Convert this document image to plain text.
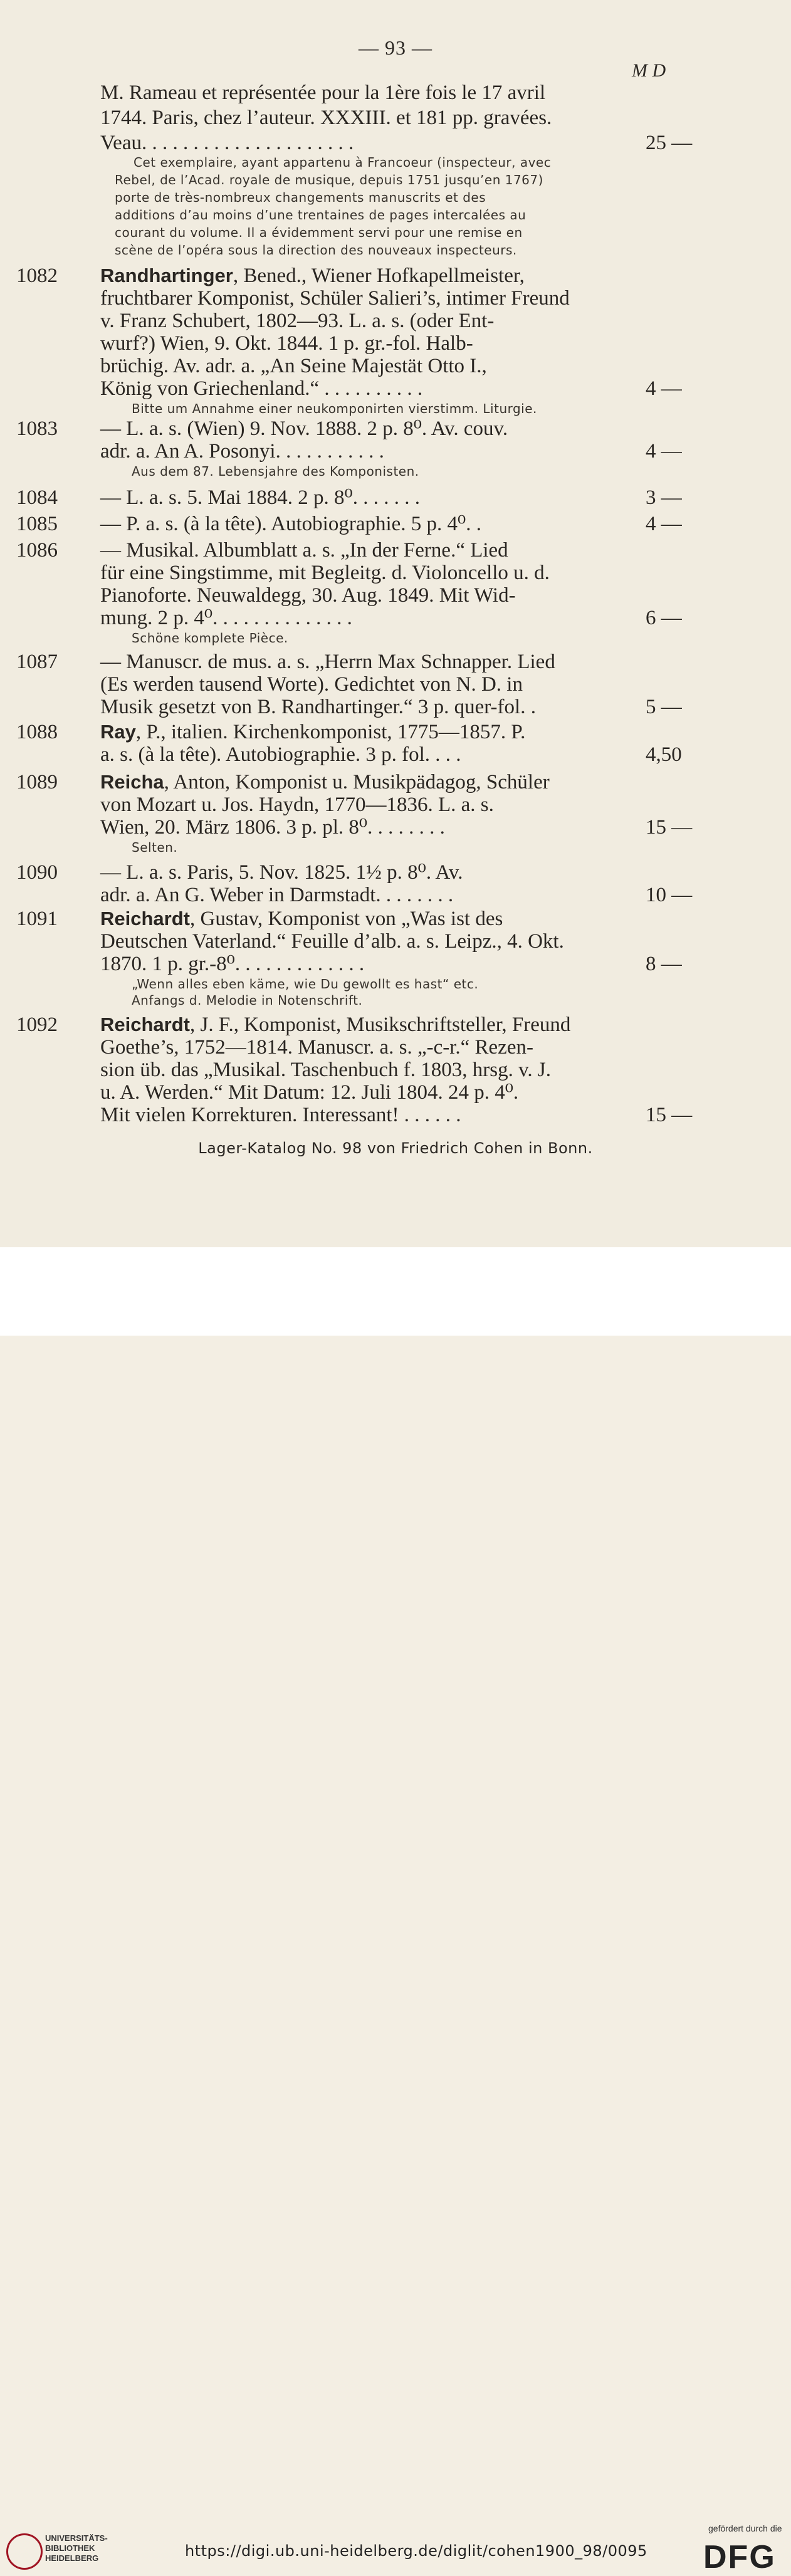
— 93 —
M D
M. Rameau et représentée pour la 1ère fois le 17 avril
1744. Paris, chez l’auteur. XXXIII. et 181 pp. gravées.
Veau. . . . . . . . . . . . . . . . . . . . .	25 —
Cet exemplaire, ayant appartenu à Francoeur (inspecteur, avec
Rebel, de l’Acad. royale de musique, depuis 1751 jusqu’en 1767)
porte de très-nombreux changements manuscrits et des
additions d’au moins d’une trentaines de pages intercalées au
courant du volume. Il a évidemment servi pour une remise en
scène de l’opéra sous la direction des nouveaux inspecteurs.
1082 Randhartinger, Bened., Wiener Hofkapellmeister,
fruchtbarer Komponist, Schüler Salieri’s, intimer Freund
v. Franz Schubert, 1802—93. L. a. s. (oder Ent-
wurf?) Wien, 9. Okt. 1844. 1 p. gr.-fol. Halb-
brüchig. Av. adr. a. „An Seine Majestät Otto I.,
König von Griechenland.“ . . . . . . . . . .	4 —
Bitte um Annahme einer neukomponirten vierstimm. Liturgie.
1083 — L. a. s. (Wien) 9. Nov. 1888. 2 p. 8⁰. Av. couv.
adr. a. An A. Posonyi. . . . . . . . . . .	4 —
Aus dem 87. Lebensjahre des Komponisten.
1084 — L. a. s. 5. Mai 1884. 2 p. 8⁰. . . . . . .	3 —
1085 — P. a. s. (à la tête). Autobiographie. 5 p. 4⁰. .	4 —
1086 — Musikal. Albumblatt a. s. „In der Ferne.“ Lied
für eine Singstimme, mit Begleitg. d. Violoncello u. d.
Pianoforte. Neuwaldegg, 30. Aug. 1849. Mit Wid-
mung. 2 p. 4⁰. . . . . . . . . . . . . .	6 —
Schöne komplete Pièce.
1087 — Manuscr. de mus. a. s. „Herrn Max Schnapper. Lied
(Es werden tausend Worte). Gedichtet von N. D. in
Musik gesetzt von B. Randhartinger.“ 3 p. quer-fol. .	5 —
1088 Ray, P., italien. Kirchenkomponist, 1775—1857. P.
a. s. (à la tête). Autobiographie. 3 p. fol. . . .	4,50
1089 Reicha, Anton, Komponist u. Musikpädagog, Schüler
von Mozart u. Jos. Haydn, 1770—1836. L. a. s.
Wien, 20. März 1806. 3 p. pl. 8⁰. . . . . . . .	15 —
Selten.
1090 — L. a. s. Paris, 5. Nov. 1825. 1½ p. 8⁰. Av.
adr. a. An G. Weber in Darmstadt. . . . . . . .	10 —
1091 Reichardt, Gustav, Komponist von „Was ist des
Deutschen Vaterland.“ Feuille d’alb. a. s. Leipz., 4. Okt.
1870. 1 p. gr.-8⁰. . . . . . . . . . . . .	8 —
„Wenn alles eben käme, wie Du gewollt es hast“ etc.
Anfangs d. Melodie in Notenschrift.
1092 Reichardt, J. F., Komponist, Musikschriftsteller, Freund
Goethe’s, 1752—1814. Manuscr. a. s. „-c-r.“ Rezen-
sion üb. das „Musikal. Taschenbuch f. 1803, hrsg. v. J.
u. A. Werden.“ Mit Datum: 12. Juli 1804. 24 p. 4⁰.
Mit vielen Korrekturen. Interessant! . . . . . .	15 —
Lager-Katalog No. 98 von Friedrich Cohen in Bonn.
UNIVERSITÄTS-
BIBLIOTHEK
HEIDELBERG	https://digi.ub.uni-heidelberg.de/diglit/cohen1900_98/0095
gefördert durch die
DFG
